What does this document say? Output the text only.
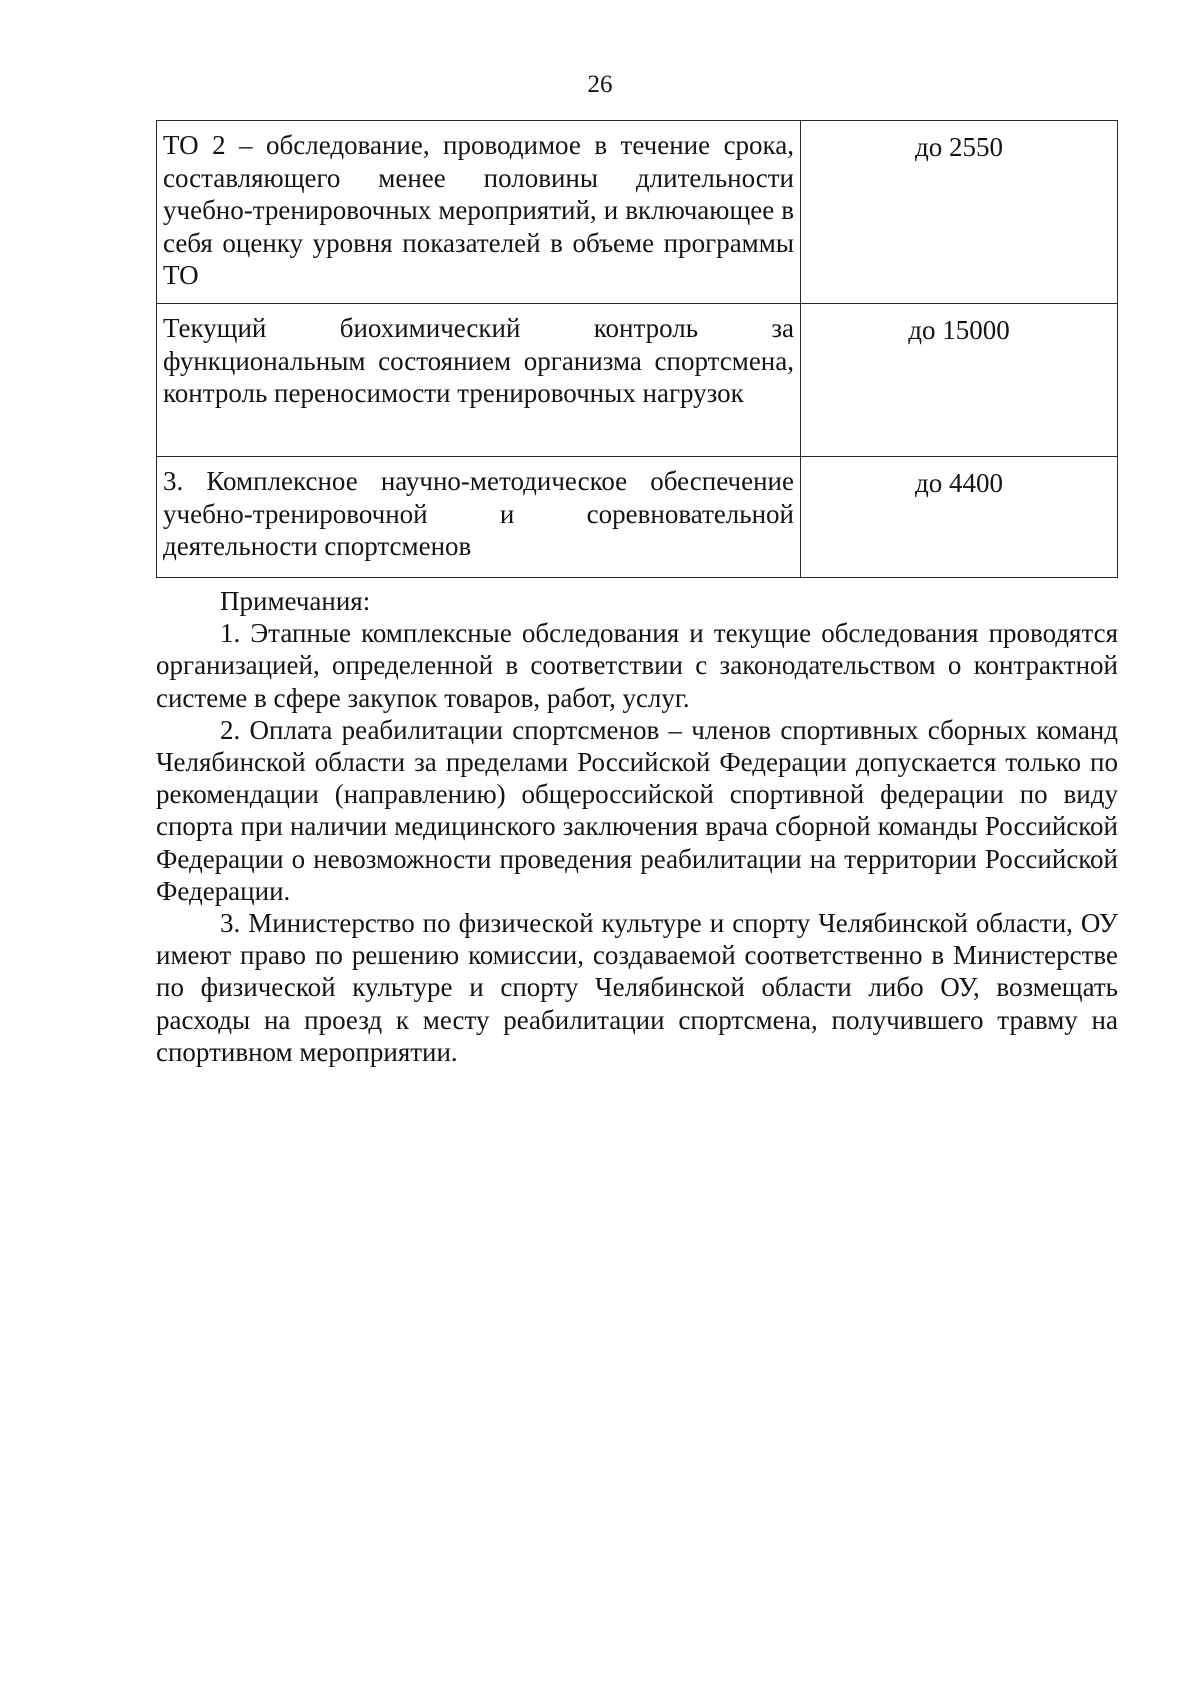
26
ТО 2 – обследование, проводимое в течение срока, составляющего менее половины длительности учебно-тренировочных мероприятий, и включающее в себя оценку уровня показателей в объеме программы ТО	до 2550
Текущий биохимический контроль за функциональным состоянием организма спортсмена, контроль переносимости тренировочных нагрузок	до 15000
3. Комплексное научно-методическое обеспечение учебно-тренировочной и соревновательной деятельности спортсменов	до 4400
Примечания:

1. Этапные комплексные обследования и текущие обследования проводятся организацией, определенной в соответствии с законодательством о контрактной системе в сфере закупок товаров, работ, услуг.

2. Оплата реабилитации спортсменов – членов спортивных сборных команд Челябинской области за пределами Российской Федерации допускается только по рекомендации (направлению) общероссийской спортивной федерации по виду спорта при наличии медицинского заключения врача сборной команды Российской Федерации о невозможности проведения реабилитации на территории Российской Федерации.

3. Министерство по физической культуре и спорту Челябинской области, ОУ имеют право по решению комиссии, создаваемой соответственно в Министерстве по физической культуре и спорту Челябинской области либо ОУ, возмещать расходы на проезд к месту реабилитации спортсмена, получившего травму на спортивном мероприятии.
